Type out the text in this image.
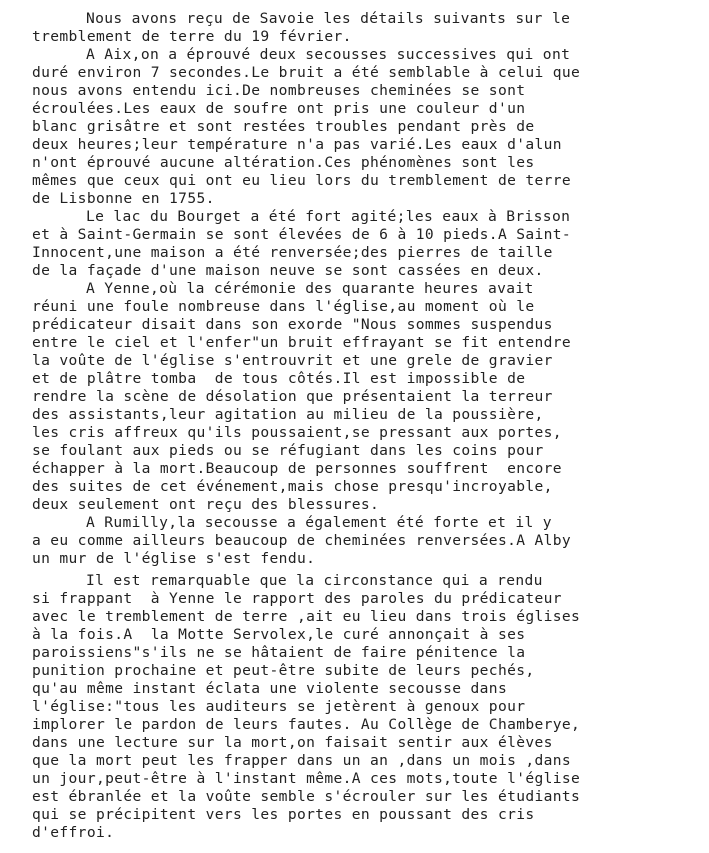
Nous avons reçu de Savoie les détails suivants sur le
tremblement de terre du 19 février.
A Aix,on a éprouvé deux secousses successives qui ont
duré environ 7 secondes.Le bruit a été semblable à celui que
nous avons entendu ici.De nombreuses cheminées se sont
écroulées.Les eaux de soufre ont pris une couleur d'un
blanc grisâtre et sont restées troubles pendant près de
deux heures;leur température n'a pas varié.Les eaux d'alun
n'ont éprouvé aucune altération.Ces phénomènes sont les
mêmes que ceux qui ont eu lieu lors du tremblement de terre
de Lisbonne en 1755.
Le lac du Bourget a été fort agité;les eaux à Brisson
et à Saint-Germain se sont élevées de 6 à 10 pieds.A Saint-
Innocent,une maison a été renversée;des pierres de taille
de la façade d'une maison neuve se sont cassées en deux.
A Yenne,où la cérémonie des quarante heures avait
réuni une foule nombreuse dans l'église,au moment où le
prédicateur disait dans son exorde "Nous sommes suspendus
entre le ciel et l'enfer"un bruit effrayant se fit entendre
la voûte de l'église s'entrouvrit et une grele de gravier
et de plâtre tomba  de tous côtés.Il est impossible de
rendre la scène de désolation que présentaient la terreur
des assistants,leur agitation au milieu de la poussière,
les cris affreux qu'ils poussaient,se pressant aux portes,
se foulant aux pieds ou se réfugiant dans les coins pour
échapper à la mort.Beaucoup de personnes souffrent  encore
des suites de cet événement,mais chose presqu'incroyable,
deux seulement ont reçu des blessures.
A Rumilly,la secousse a également été forte et il y
a eu comme ailleurs beaucoup de cheminées renversées.A Alby
un mur de l'église s'est fendu.
Il est remarquable que la circonstance qui a rendu
si frappant  à Yenne le rapport des paroles du prédicateur
avec le tremblement de terre ,ait eu lieu dans trois églises
à la fois.A  la Motte Servolex,le curé annonçait à ses
paroissiens"s'ils ne se hâtaient de faire pénitence la
punition prochaine et peut-être subite de leurs pechés,
qu'au même instant éclata une violente secousse dans
l'église:"tous les auditeurs se jetèrent à genoux pour
implorer le pardon de leurs fautes. Au Collège de Chamberye,
dans une lecture sur la mort,on faisait sentir aux élèves
que la mort peut les frapper dans un an ,dans un mois ,dans
un jour,peut-être à l'instant même.A ces mots,toute l'église
est ébranlée et la voûte semble s'écrouler sur les étudiants
qui se précipitent vers les portes en poussant des cris
d'effroi.
